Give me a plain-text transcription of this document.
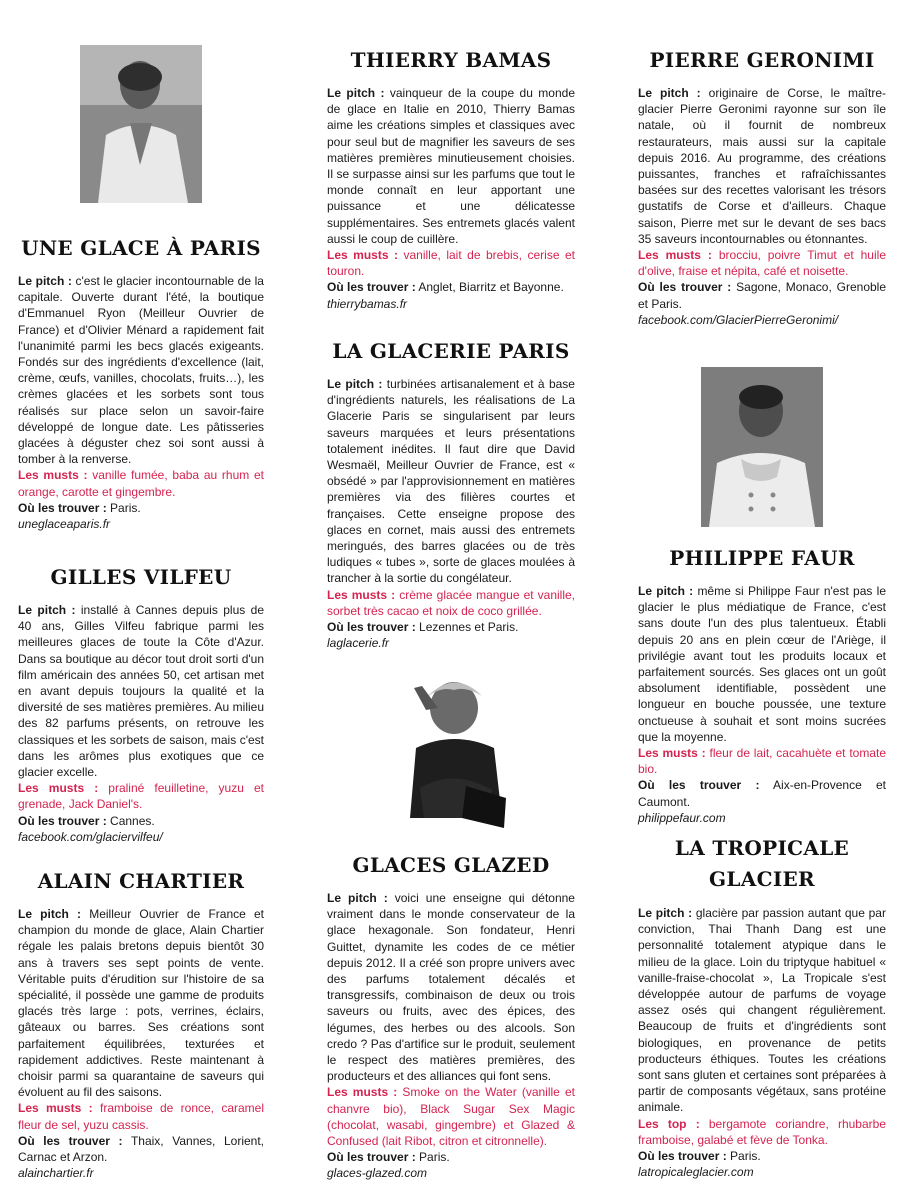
UNE GLACE À PARIS

Le pitch : c'est le glacier incontournable de la capitale. Ouverte durant l'été, la boutique d'Emmanuel Ryon (Meilleur Ouvrier de France) et d'Olivier Ménard a rapidement fait l'unanimité parmi les becs glacés exigeants. Fondés sur des ingrédients d'excellence (lait, crème, œufs, vanilles, chocolats, fruits…), les crèmes glacées et les sorbets sont tous réalisés sur place selon un savoir-faire développé de longue date. Les pâtisseries glacées à déguster chez soi sont aussi à tomber à la renverse.

Les musts : vanille fumée, baba au rhum et orange, carotte et gingembre.

Où les trouver : Paris.

uneglaceaparis.fr

GILLES VILFEU

Le pitch : installé à Cannes depuis plus de 40 ans, Gilles Vilfeu fabrique parmi les meilleures glaces de toute la Côte d'Azur. Dans sa boutique au décor tout droit sorti d'un film américain des années 50, cet artisan met en avant depuis toujours la qualité et la diversité de ses matières premières. Au milieu des 82 parfums présents, on retrouve les classiques et les sorbets de saison, mais c'est dans les arômes plus exotiques que ce glacier excelle.

Les musts : praliné feuilletine, yuzu et grenade, Jack Daniel's.

Où les trouver : Cannes.

facebook.com/glaciervilfeu/

ALAIN CHARTIER

Le pitch : Meilleur Ouvrier de France et champion du monde de glace, Alain Chartier régale les palais bretons depuis bientôt 30 ans à travers ses sept points de vente. Véritable puits d'érudition sur l'histoire de sa spécialité, il possède une gamme de produits glacés très large : pots, verrines, éclairs, gâteaux ou barres. Ses créations sont parfaitement équilibrées, texturées et rapidement addictives. Reste maintenant à choisir parmi sa quarantaine de saveurs qui évoluent au fil des saisons.

Les musts : framboise de ronce, caramel fleur de sel, yuzu cassis.

Où les trouver : Thaix, Vannes, Lorient, Carnac et Arzon.

alainchartier.fr

THIERRY BAMAS

Le pitch : vainqueur de la coupe du monde de glace en Italie en 2010, Thierry Bamas aime les créations simples et classiques avec pour seul but de magnifier les saveurs de ses matières premières minutieusement choisies. Il se surpasse ainsi sur les parfums que tout le monde connaît en leur apportant une puissance et une délicatesse supplémentaires. Ses entremets glacés valent aussi le coup de cuillère.

Les musts : vanille, lait de brebis, cerise et touron.

Où les trouver : Anglet, Biarritz et Bayonne.

thierrybamas.fr

LA GLACERIE PARIS

Le pitch : turbinées artisanalement et à base d'ingrédients naturels, les réalisations de La Glacerie Paris se singularisent par leurs saveurs marquées et leurs présentations totalement inédites. Il faut dire que David Wesmaël, Meilleur Ouvrier de France, est « obsédé » par l'approvisionnement en matières premières via des filières courtes et françaises. Cette enseigne propose des glaces en cornet, mais aussi des entremets meringués, des barres glacées ou de très ludiques « tubes », sorte de glaces moulées à trancher à la sortie du congélateur.

Les musts : crème glacée mangue et vanille, sorbet très cacao et noix de coco grillée.

Où les trouver : Lezennes et Paris.

laglacerie.fr

GLACES GLAZED

Le pitch : voici une enseigne qui détonne vraiment dans le monde conservateur de la glace hexagonale. Son fondateur, Henri Guittet, dynamite les codes de ce métier depuis 2012. Il a créé son propre univers avec des parfums totalement décalés et transgressifs, combinaison de deux ou trois saveurs ou fruits, avec des épices, des légumes, des herbes ou des alcools. Son credo ? Pas d'artifice sur le produit, seulement le respect des matières premières, des producteurs et des alliances qui font sens.

Les musts : Smoke on the Water (vanille et chanvre bio), Black Sugar Sex Magic (chocolat, wasabi, gingembre) et Glazed & Confused (lait Ribot, citron et citronnelle).

Où les trouver : Paris.

glaces-glazed.com

PIERRE GERONIMI

Le pitch : originaire de Corse, le maître-glacier Pierre Geronimi rayonne sur son île natale, où il fournit de nombreux restaurateurs, mais aussi sur la capitale depuis 2016. Au programme, des créations puissantes, franches et rafraîchissantes basées sur des recettes valorisant les trésors gustatifs de Corse et d'ailleurs. Chaque saison, Pierre met sur le devant de ses bacs 35 saveurs incontournables ou étonnantes.

Les musts : brocciu, poivre Timut et huile d'olive, fraise et népita, café et noisette.

Où les trouver : Sagone, Monaco, Grenoble et Paris.

facebook.com/GlacierPierreGeronimi/

PHILIPPE FAUR

Le pitch : même si Philippe Faur n'est pas le glacier le plus médiatique de France, c'est sans doute l'un des plus talentueux. Établi depuis 20 ans en plein cœur de l'Ariège, il privilégie avant tout les produits locaux et parfaitement sourcés. Ses glaces ont un goût absolument identifiable, possèdent une longueur en bouche poussée, une texture onctueuse à souhait et sont moins sucrées que la moyenne.

Les musts : fleur de lait, cacahuète et tomate bio.

Où les trouver : Aix-en-Provence et Caumont.

philippefaur.com

LA TROPICALE GLACIER

Le pitch : glacière par passion autant que par conviction, Thai Thanh Dang est une personnalité totalement atypique dans le milieu de la glace. Loin du triptyque habituel « vanille-fraise-chocolat », La Tropicale s'est développée autour de parfums de voyage assez osés qui changent régulièrement. Beaucoup de fruits et d'ingrédients sont biologiques, en provenance de petits producteurs éthiques. Toutes les créations sont sans gluten et certaines sont préparées à partir de composants végétaux, sans protéine animale.

Les top : bergamote coriandre, rhubarbe framboise, galabé et fève de Tonka.

Où les trouver : Paris.

latropicaleglacier.com
